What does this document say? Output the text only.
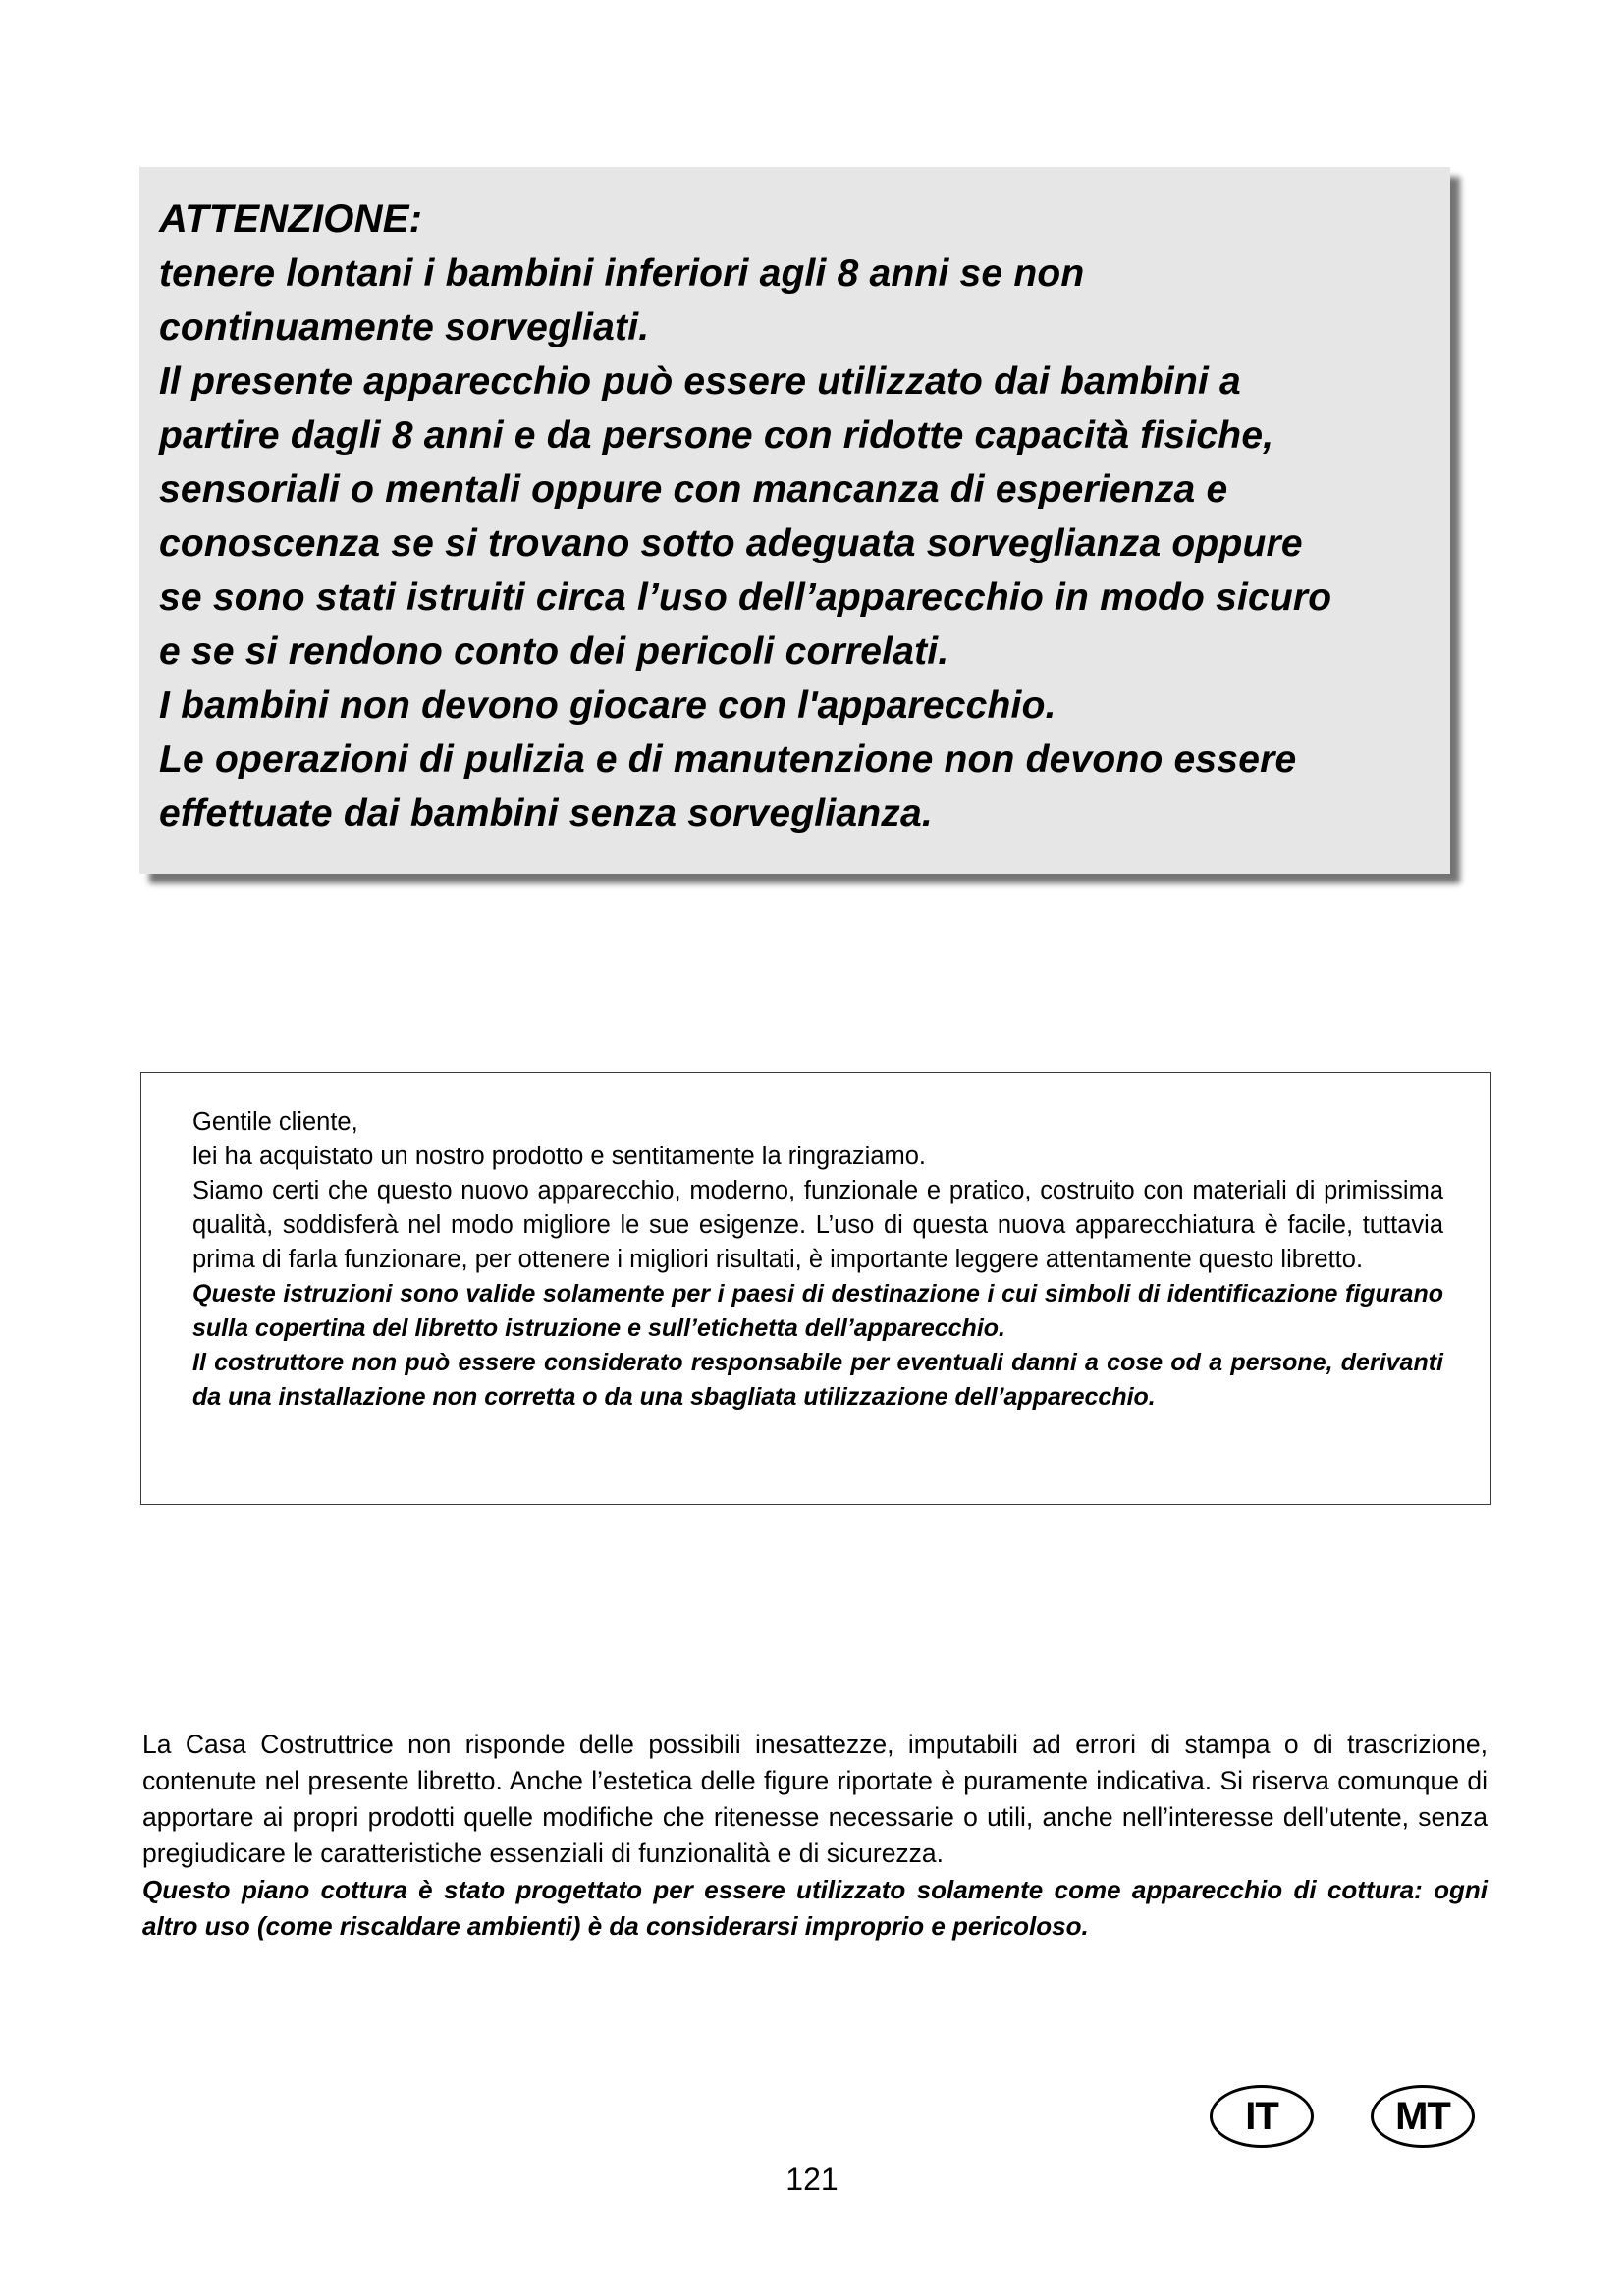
ATTENZIONE:

tenere lontani i bambini inferiori agli 8 anni se non

continuamente sorvegliati.

Il presente apparecchio può essere utilizzato dai bambini a

partire dagli 8 anni e da persone con ridotte capacità fisiche,

sensoriali o mentali oppure con mancanza di esperienza e

conoscenza se si trovano sotto adeguata sorveglianza oppure

se sono stati istruiti circa l’uso dell’apparecchio in modo sicuro

e se si rendono conto dei pericoli correlati.

I bambini non devono giocare con l'apparecchio.

Le operazioni di pulizia e di manutenzione non devono essere

effettuate dai bambini senza sorveglianza.

Gentile cliente,

lei ha acquistato un nostro prodotto e sentitamente la ringraziamo.

Siamo certi che questo nuovo apparecchio, moderno, funzionale e pratico, costruito con materiali di primissima qualità, soddisferà nel modo migliore le sue esigenze. L’uso di questa nuova apparecchiatura è facile, tuttavia prima di farla funzionare, per ottenere i migliori risultati, è importante leggere attentamente questo libretto.

Queste istruzioni sono valide solamente per i paesi di destinazione i cui simboli di identificazione figurano sulla copertina del libretto istruzione e sull’etichetta dell’apparecchio.

Il costruttore non può essere considerato responsabile per eventuali danni a cose od a persone, derivanti da una installazione non corretta o da una sbagliata utilizzazione dell’apparecchio.

La Casa Costruttrice non risponde delle possibili inesattezze, imputabili ad errori di stampa o di trascrizione, contenute nel presente libretto. Anche l’estetica delle figure riportate è puramente indicativa. Si riserva comunque di apportare ai propri prodotti quelle modifiche che ritenesse necessarie o utili, anche nell’interesse dell’utente, senza pregiudicare le caratteristiche essenziali di funzionalità e di sicurezza.

Questo piano cottura è stato progettato per essere utilizzato solamente come apparecchio di cottura: ogni altro uso (come riscaldare ambienti) è da considerarsi improprio e pericoloso.

IT	MT
121
